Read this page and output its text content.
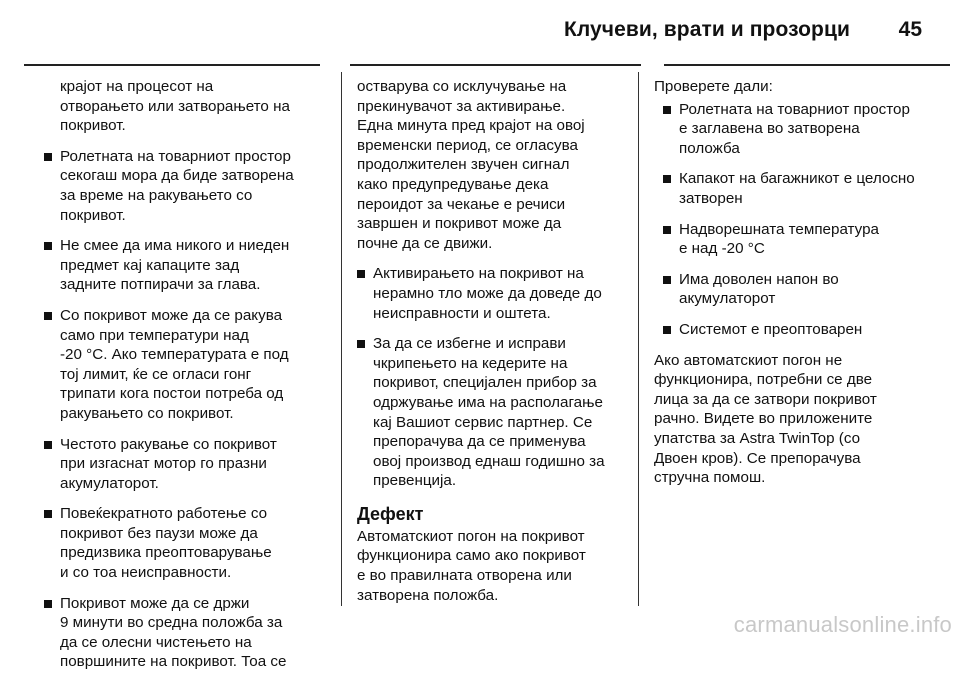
Клучеви, врати и прозорци 45

крајот на процесот на
отворањето или затворањето на
покривот.

Ролетната на товарниот простор
секогаш мора да биде затворена
за време на ракувањето со
покривот.
Не смее да има никого и ниеден
предмет кај капаците зад
задните потпирачи за глава.
Со покривот може да се ракува
само при температури над
-20 °C. Ако температурата е под
тој лимит, ќе се огласи гонг
трипати кога постои потреба од
ракувањето со покривот.
Честото ракување со покривот
при изгаснат мотор го празни
акумулаторот.
Повеќекратното работење со
покривот без паузи може да
предизвика преоптоварување
и со тоа неисправности.
Покривот може да се држи
9 минути во средна положба за
да се олесни чистењето на
површините на покривот. Тоа се

остварува со исклучување на
прекинувачот за активирање.
Една минута пред крајот на овој
временски период, се огласува
продолжителен звучен сигнал
како предупредување дека
пероидот за чекање е речиси
завршен и покривот може да
почне да се движи.

Активирањето на покривот на
нерамно тло може да доведе до
неисправности и оштета.
За да се избегне и исправи
чкрипењето на кедерите на
покривот, специјален прибор за
одржување има на располагање
кај Вашиот сервис партнер. Се
препорачува да се применува
овој производ еднаш годишно за
превенција.
Дефект

Автоматскиот погон на покривот
функционира само ако покривот
е во правилната отворена или
затворена положба.

Проверете дали:

Ролетната на товарниот простор
е заглавена во затворена
положба
Капакот на багажникот е целосно
затворен
Надворешната температура
е над -20 °C
Има доволен напон во
акумулаторот
Системот е преоптоварен

Ако автоматскиот погон не
функционира, потребни се две
лица за да се затвори покривот
рачно. Видете во приложените
упатства за Astra TwinTop (со
Двоен кров). Се препорачува
стручна помош.

carmanualsonline.info
